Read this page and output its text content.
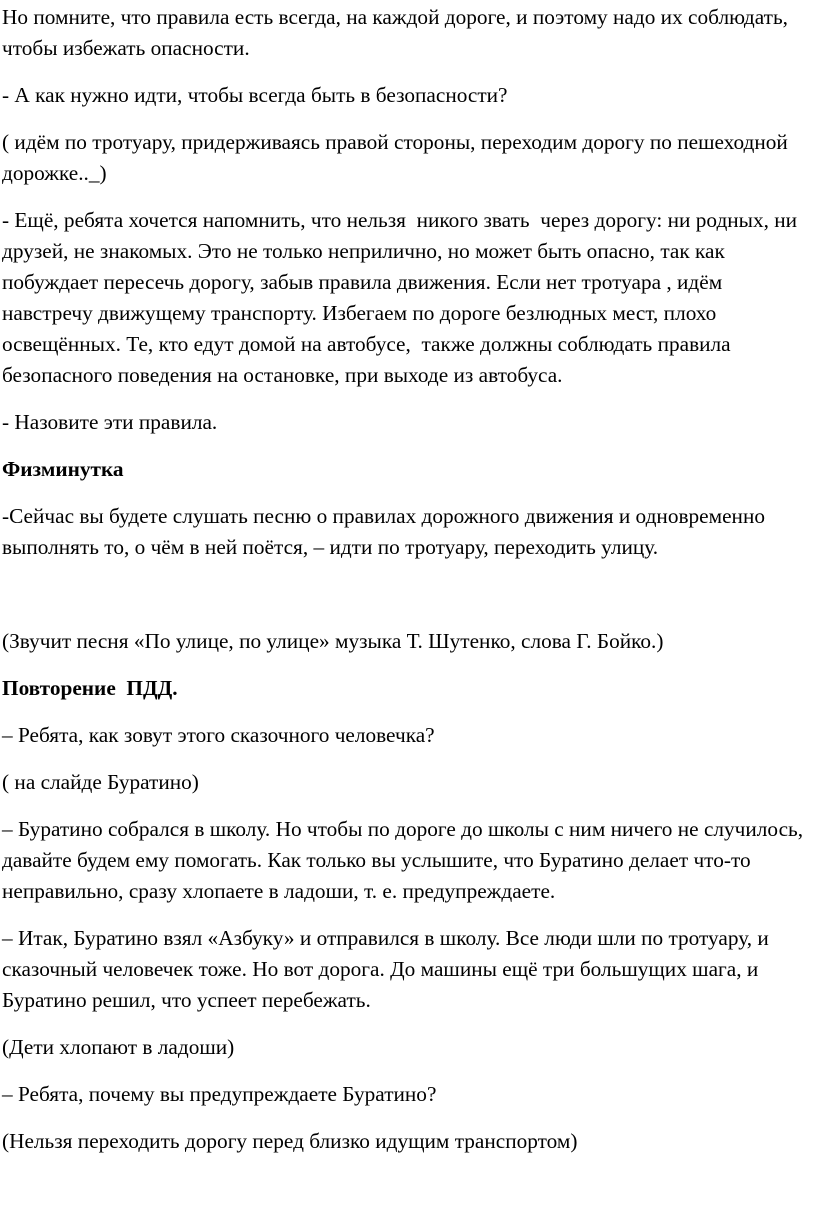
Но помните, что правила есть всегда, на каждой дороге, и поэтому надо их соблюдать, чтобы избежать опасности.

- А как нужно идти, чтобы всегда быть в безопасности?

( идём по тротуару, придерживаясь правой стороны, переходим дорогу по пешеходной дорожке.._)

- Ещё, ребята хочется напомнить, что нельзя  никого звать  через дорогу: ни родных, ни друзей, не знакомых. Это не только неприлично, но может быть опасно, так как побуждает пересечь дорогу, забыв правила движения. Если нет тротуара , идём навстречу движущему транспорту. Избегаем по дороге безлюдных мест, плохо освещённых. Те, кто едут домой на автобусе,  также должны соблюдать правила безопасного поведения на остановке, при выходе из автобуса.

- Назовите эти правила.

Физминутка

-Сейчас вы будете слушать песню о правилах дорожного движения и одновременно выполнять то, о чём в ней поётся, – идти по тротуару, переходить улицу.

(Звучит песня «По улице, по улице» музыка Т. Шутенко, слова Г. Бойко.)

Повторение  ПДД.

– Ребята, как зовут этого сказочного человечка?

( на слайде Буратино)

– Буратино собрался в школу. Но чтобы по дороге до школы с ним ничего не случилось, давайте будем ему помогать. Как только вы услышите, что Буратино делает что-то неправильно, сразу хлопаете в ладоши, т. е. предупреждаете.

– Итак, Буратино взял «Азбуку» и отправился в школу. Все люди шли по тротуару, и сказочный человечек тоже. Но вот дорога. До машины ещё три большущих шага, и Буратино решил, что успеет перебежать.

(Дети хлопают в ладоши)

– Ребята, почему вы предупреждаете Буратино?

(Нельзя переходить дорогу перед близко идущим транспортом)
